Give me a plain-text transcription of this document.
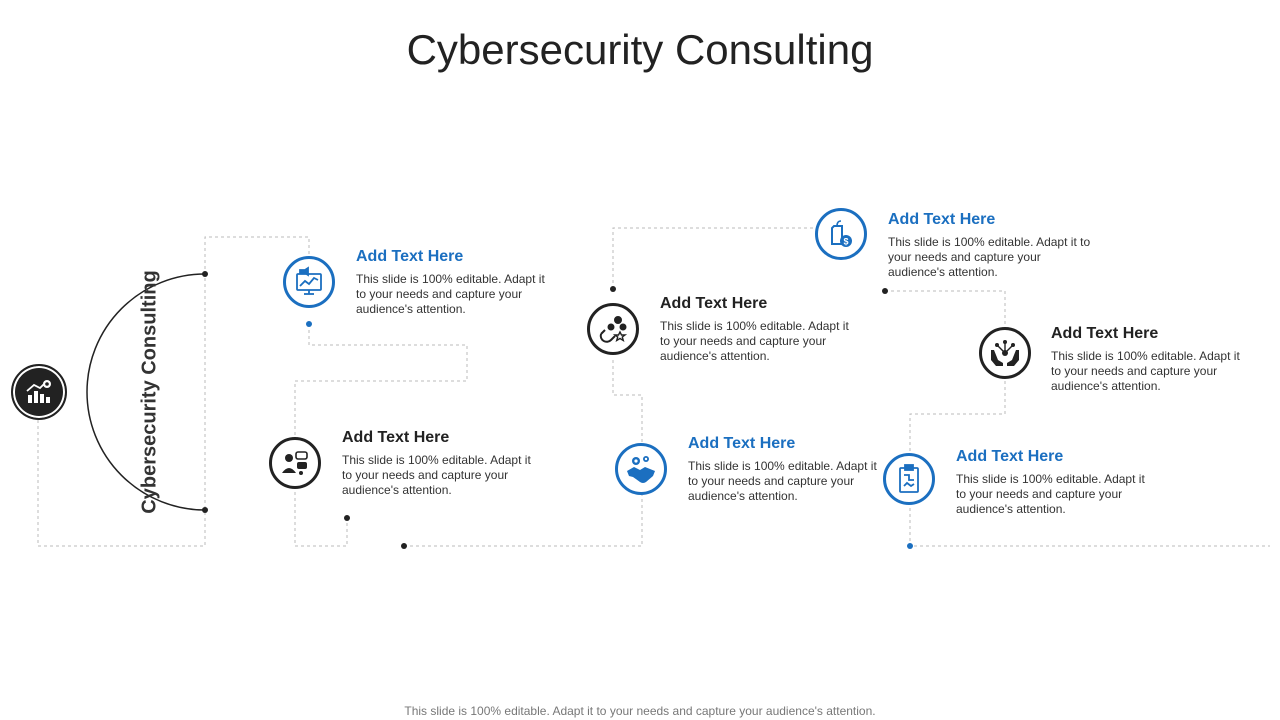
Cybersecurity Consulting
Cybersecurity Consulting
Add Text Here
This slide is 100% editable. Adapt it to your needs and capture your audience's attention.
Add Text Here
This slide is 100% editable. Adapt it to your needs and capture your audience's attention.
Add Text Here
This slide is 100% editable. Adapt it to your needs and capture your audience's attention.
Add Text Here
This slide is 100% editable. Adapt it to your needs and capture your audience's attention.
$
Add Text Here
This slide is 100% editable. Adapt it to your needs and capture your audience's attention.
Add Text Here
This slide is 100% editable. Adapt it to your needs and capture your audience's attention.
Add Text Here
This slide is 100% editable. Adapt it to your needs and capture your audience's attention.
This slide is 100% editable. Adapt it to your needs and capture your audience's attention.
